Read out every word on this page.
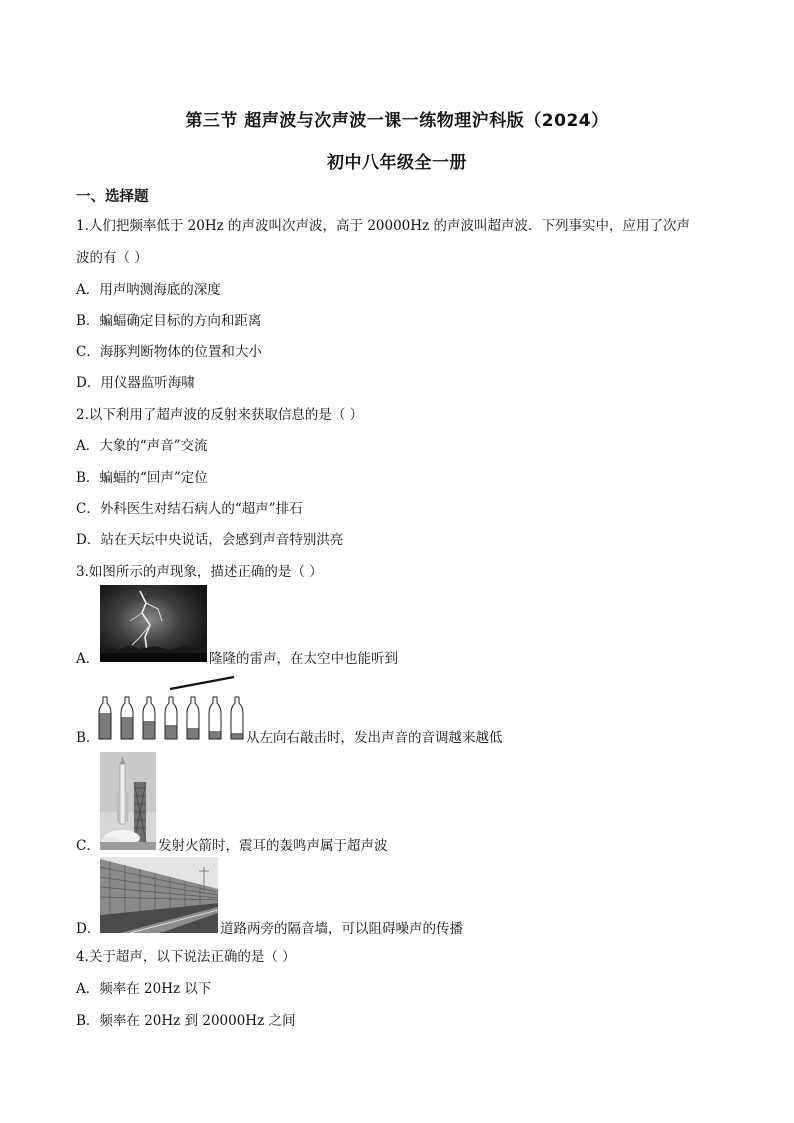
第三节 超声波与次声波一课一练物理沪科版（2024）
初中八年级全一册
一、选择题
1.人们把频率低于 20Hz 的声波叫次声波，高于 20000Hz 的声波叫超声波．下列事实中，应用了次声
波的有（ ）
A．用声呐测海底的深度
B．蝙蝠确定目标的方向和距离
C．海豚判断物体的位置和大小
D．用仪器监听海啸
2.以下利用了超声波的反射来获取信息的是（ ）
A．大象的“声音”交流
B．蝙蝠的“回声”定位
C．外科医生对结石病人的“超声”排石
D．站在天坛中央说话，会感到声音特别洪亮
3.如图所示的声现象，描述正确的是（ ）
A．	隆隆的雷声，在太空中也能听到
B．	从左向右敲击时，发出声音的音调越来越低
C．	发射火箭时，震耳的轰鸣声属于超声波
D．	道路两旁的隔音墙，可以阻碍噪声的传播
4.关于超声，以下说法正确的是（ ）
A．频率在 20Hz 以下
B．频率在 20Hz 到 20000Hz 之间
